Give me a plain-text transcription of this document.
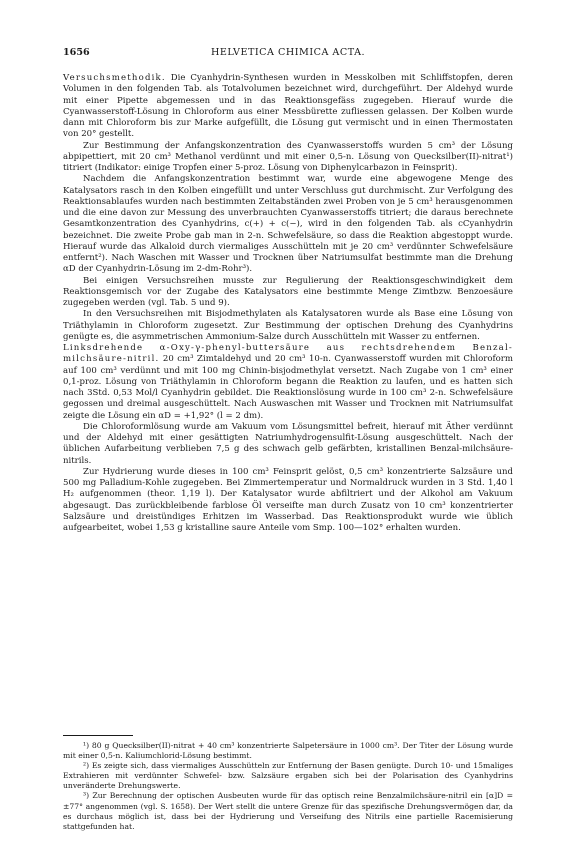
1656	HELVETICA CHIMICA ACTA.

Versuchsmethodik. Die Cyanhydrin-Synthesen wurden in Messkolben mit Schliffstopfen, deren Volumen in den folgenden Tab. als Totalvolumen bezeichnet wird, durchgeführt. Der Aldehyd wurde mit einer Pipette abgemessen und in das Reaktionsgefäss zugegeben. Hierauf wurde die Cyanwasserstoff-Lösung in Chloroform aus einer Messbürette zufliessen gelassen. Der Kolben wurde dann mit Chloroform bis zur Marke aufgefüllt, die Lösung gut vermischt und in einen Thermostaten von 20° gestellt.

Zur Bestimmung der Anfangskonzentration des Cyanwasserstoffs wurden 5 cm³ der Lösung abpipettiert, mit 20 cm³ Methanol verdünnt und mit einer 0,5-n. Lösung von Quecksilber(II)-nitrat¹) titriert (Indikator: einige Tropfen einer 5-proz. Lösung von Diphenylcarbazon in Feinsprit).

Nachdem die Anfangskonzentration bestimmt war, wurde eine abgewogene Menge des Katalysators rasch in den Kolben eingefüllt und unter Verschluss gut durchmischt. Zur Verfolgung des Reaktionsablaufes wurden nach bestimmten Zeitabständen zwei Proben von je 5 cm³ herausgenommen und die eine davon zur Messung des unverbrauchten Cyanwasserstoffs titriert; die daraus berechnete Gesamtkonzentration des Cyanhydrins, c(+) + c(−), wird in den folgenden Tab. als cCyanhydrin bezeichnet. Die zweite Probe gab man in 2-n. Schwefelsäure, so dass die Reaktion abgestoppt wurde. Hierauf wurde das Alkaloid durch viermaliges Ausschütteln mit je 20 cm³ verdünnter Schwefelsäure entfernt²). Nach Waschen mit Wasser und Trocknen über Natriumsulfat bestimmte man die Drehung αD der Cyanhydrin-Lösung im 2-dm-Rohr³).

Bei einigen Versuchsreihen musste zur Regulierung der Reaktionsgeschwindigkeit dem Reaktionsgemisch vor der Zugabe des Katalysators eine bestimmte Menge Zimtbzw. Benzoesäure zugegeben werden (vgl. Tab. 5 und 9).

In den Versuchsreihen mit Bisjodmethylaten als Katalysatoren wurde als Base eine Lösung von Triäthylamin in Chloroform zugesetzt. Zur Bestimmung der optischen Drehung des Cyanhydrins genügte es, die asymmetrischen Ammonium-Salze durch Ausschütteln mit Wasser zu entfernen.

Linksdrehende α-Oxy-γ-phenyl-buttersäure aus rechtsdrehendem Benzal-milchsäure-nitril. 20 cm³ Zimtaldehyd und 20 cm³ 10-n. Cyanwasserstoff wurden mit Chloroform auf 100 cm³ verdünnt und mit 100 mg Chinin-bisjodmethylat versetzt. Nach Zugabe von 1 cm³ einer 0,1-proz. Lösung von Triäthylamin in Chloroform begann die Reaktion zu laufen, und es hatten sich nach 3Std. 0,53 Mol/l Cyanhydrin gebildet. Die Reaktionslösung wurde in 100 cm³ 2-n. Schwefelsäure gegossen und dreimal ausgeschüttelt. Nach Auswaschen mit Wasser und Trocknen mit Natriumsulfat zeigte die Lösung ein αD = +1,92° (l = 2 dm).

Die Chloroformlösung wurde am Vakuum vom Lösungsmittel befreit, hierauf mit Äther verdünnt und der Aldehyd mit einer gesättigten Natriumhydrogensulfit-Lösung ausgeschüttelt. Nach der üblichen Aufarbeitung verblieben 7,5 g des schwach gelb gefärbten, kristallinen Benzal-milchsäure-nitrils.

Zur Hydrierung wurde dieses in 100 cm³ Feinsprit gelöst, 0,5 cm³ konzentrierte Salzsäure und 500 mg Palladium-Kohle zugegeben. Bei Zimmertemperatur und Normaldruck wurden in 3 Std. 1,40 l H₂ aufgenommen (theor. 1,19 l). Der Katalysator wurde abfiltriert und der Alkohol am Vakuum abgesaugt. Das zurückbleibende farblose Öl verseifte man durch Zusatz von 10 cm³ konzentrierter Salzsäure und dreistündiges Erhitzen im Wasserbad. Das Reaktionsprodukt wurde wie üblich aufgearbeitet, wobei 1,53 g kristalline saure Anteile vom Smp. 100—102° erhalten wurden.

¹) 80 g Quecksilber(II)-nitrat + 40 cm³ konzentrierte Salpetersäure in 1000 cm³. Der Titer der Lösung wurde mit einer 0,5-n. Kaliumchlorid-Lösung bestimmt.

²) Es zeigte sich, dass viermaliges Ausschütteln zur Entfernung der Basen genügte. Durch 10- und 15maliges Extrahieren mit verdünnter Schwefel- bzw. Salzsäure ergaben sich bei der Polarisation des Cyanhydrins unveränderte Drehungswerte.

³) Zur Berechnung der optischen Ausbeuten wurde für das optisch reine Benzalmilchsäure-nitril ein [α]D = ±77° angenommen (vgl. S. 1658). Der Wert stellt die untere Grenze für das spezifische Drehungsvermögen dar, da es durchaus möglich ist, dass bei der Hydrierung und Verseifung des Nitrils eine partielle Racemisierung stattgefunden hat.
